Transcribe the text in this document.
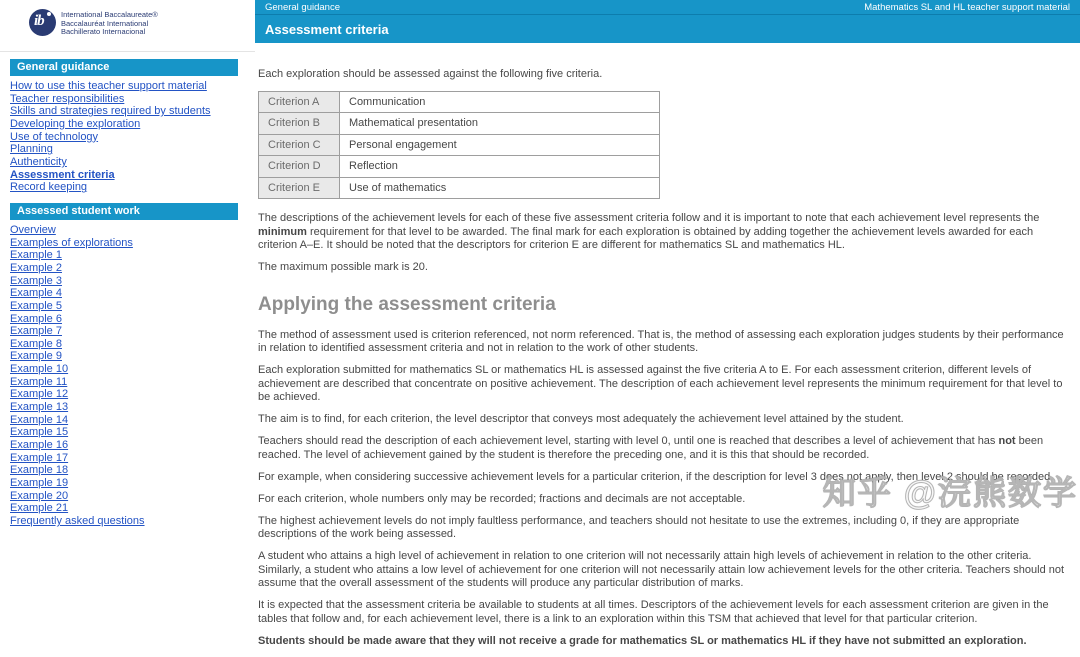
ib International Baccalaureate®
Baccalauréat International
Bachillerato Internacional
General guidance	Mathematics SL and HL teacher support material
Assessment criteria
General guidance
How to use this teacher support material
Teacher responsibilities
Skills and strategies required by students
Developing the exploration
Use of technology
Planning
Authenticity
Assessment criteria
Record keeping
Assessed student work
Overview
Examples of explorations
Example 1
Example 2
Example 3
Example 4
Example 5
Example 6
Example 7
Example 8
Example 9
Example 10
Example 11
Example 12
Example 13
Example 14
Example 15
Example 16
Example 17
Example 18
Example 19
Example 20
Example 21
Frequently asked questions

Each exploration should be assessed against the following five criteria.

Criterion A	Communication
Criterion B	Mathematical presentation
Criterion C	Personal engagement
Criterion D	Reflection
Criterion E	Use of mathematics

The descriptions of the achievement levels for each of these five assessment criteria follow and it is important to note that each achievement level represents the minimum requirement for that level to be awarded. The final mark for each exploration is obtained by adding together the achievement levels awarded for each criterion A–E. It should be noted that the descriptors for criterion E are different for mathematics SL and mathematics HL.

The maximum possible mark is 20.

Applying the assessment criteria

The method of assessment used is criterion referenced, not norm referenced. That is, the method of assessing each exploration judges students by their performance in relation to identified assessment criteria and not in relation to the work of other students.

Each exploration submitted for mathematics SL or mathematics HL is assessed against the five criteria A to E. For each assessment criterion, different levels of achievement are described that concentrate on positive achievement. The description of each achievement level represents the minimum requirement for that level to be achieved.

The aim is to find, for each criterion, the level descriptor that conveys most adequately the achievement level attained by the student.

Teachers should read the description of each achievement level, starting with level 0, until one is reached that describes a level of achievement that has not been reached. The level of achievement gained by the student is therefore the preceding one, and it is this that should be recorded.

For example, when considering successive achievement levels for a particular criterion, if the description for level 3 does not apply, then level 2 should be recorded.

For each criterion, whole numbers only may be recorded; fractions and decimals are not acceptable.

The highest achievement levels do not imply faultless performance, and teachers should not hesitate to use the extremes, including 0, if they are appropriate descriptions of the work being assessed.

A student who attains a high level of achievement in relation to one criterion will not necessarily attain high levels of achievement in relation to the other criteria. Similarly, a student who attains a low level of achievement for one criterion will not necessarily attain low achievement levels for the other criteria. Teachers should not assume that the overall assessment of the students will produce any particular distribution of marks.

It is expected that the assessment criteria be available to students at all times. Descriptors of the achievement levels for each assessment criterion are given in the tables that follow and, for each achievement level, there is a link to an exploration within this TSM that achieved that level for that particular criterion.

Students should be made aware that they will not receive a grade for mathematics SL or mathematics HL if they have not submitted an exploration.

知乎 @浣熊数学
